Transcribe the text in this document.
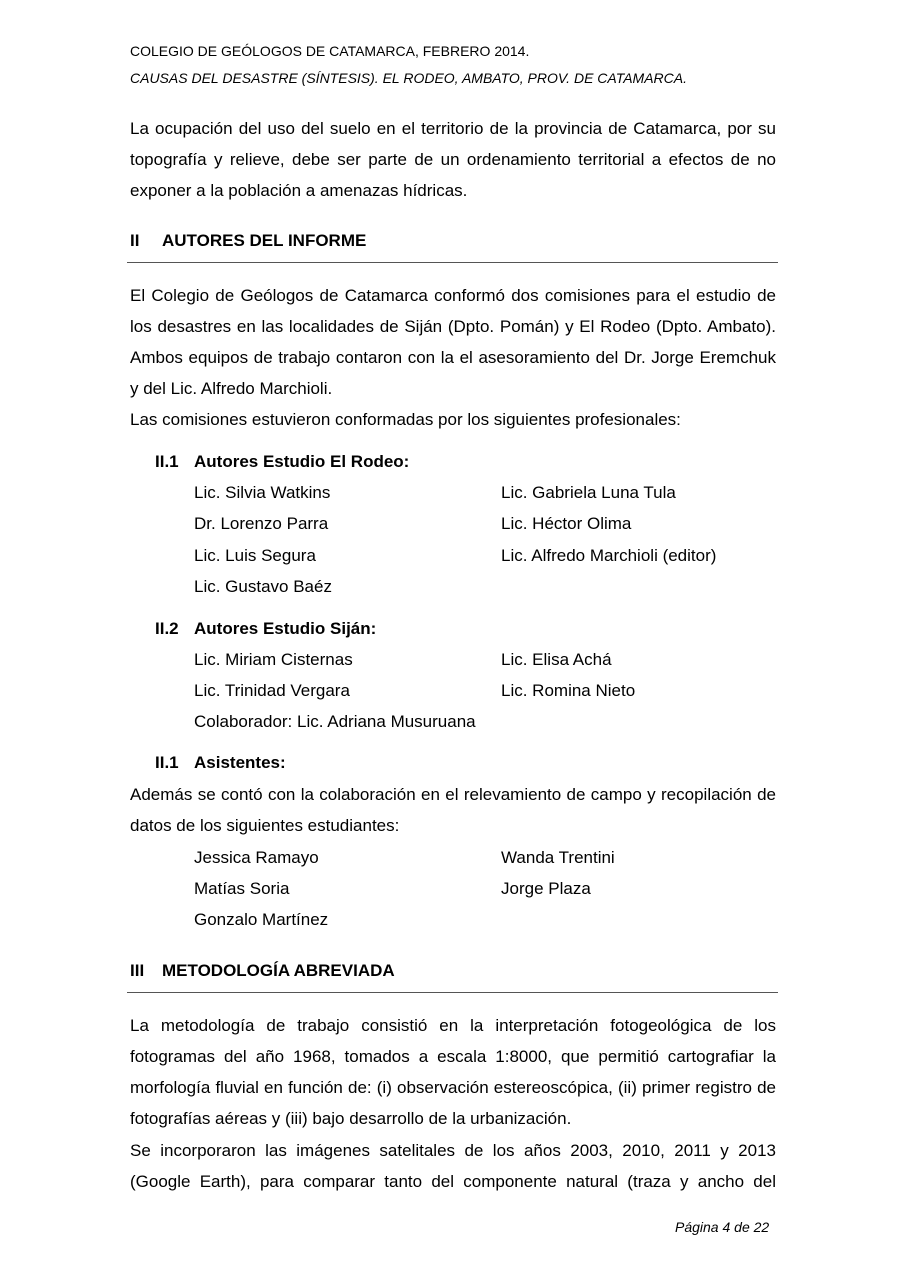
COLEGIO DE GEÓLOGOS DE CATAMARCA, FEBRERO 2014.
CAUSAS DEL DESASTRE (SÍNTESIS). EL RODEO, AMBATO, PROV. DE CATAMARCA.

La ocupación del uso del suelo en el territorio de la provincia de Catamarca, por su topografía y relieve, debe ser parte de un ordenamiento territorial a efectos de no exponer a la población a amenazas hídricas.

II AUTORES DEL INFORME

El Colegio de Geólogos de Catamarca conformó dos comisiones para el estudio de los desastres en las localidades de Siján (Dpto. Pomán) y El Rodeo (Dpto. Ambato). Ambos equipos de trabajo contaron con la el asesoramiento del Dr. Jorge Eremchuk y del Lic. Alfredo Marchioli.

Las comisiones estuvieron conformadas por los siguientes profesionales:
II.1 Autores Estudio El Rodeo:
Lic. Silvia Watkins	Lic. Gabriela Luna Tula
Dr. Lorenzo Parra	Lic. Héctor Olima
Lic. Luis Segura	Lic. Alfredo Marchioli (editor)
Lic. Gustavo Baéz
II.2 Autores Estudio Siján:
Lic. Miriam Cisternas	Lic. Elisa Achá
Lic. Trinidad Vergara	Lic. Romina Nieto
Colaborador: Lic. Adriana Musuruana
II.1 Asistentes:

Además se contó con la colaboración en el relevamiento de campo y recopilación de datos de los siguientes estudiantes:

Jessica Ramayo	Wanda Trentini
Matías Soria	Jorge Plaza
Gonzalo Martínez
III METODOLOGÍA ABREVIADA

La metodología de trabajo consistió en la interpretación fotogeológica de los fotogramas del año 1968, tomados a escala 1:8000, que permitió cartografiar la morfología fluvial en función de: (i) observación estereoscópica, (ii) primer registro de fotografías aéreas y (iii) bajo desarrollo de la urbanización.

Se incorporaron las imágenes satelitales de los años 2003, 2010, 2011 y 2013 (Google Earth), para comparar tanto del componente natural (traza y ancho del

Página 4 de 22
